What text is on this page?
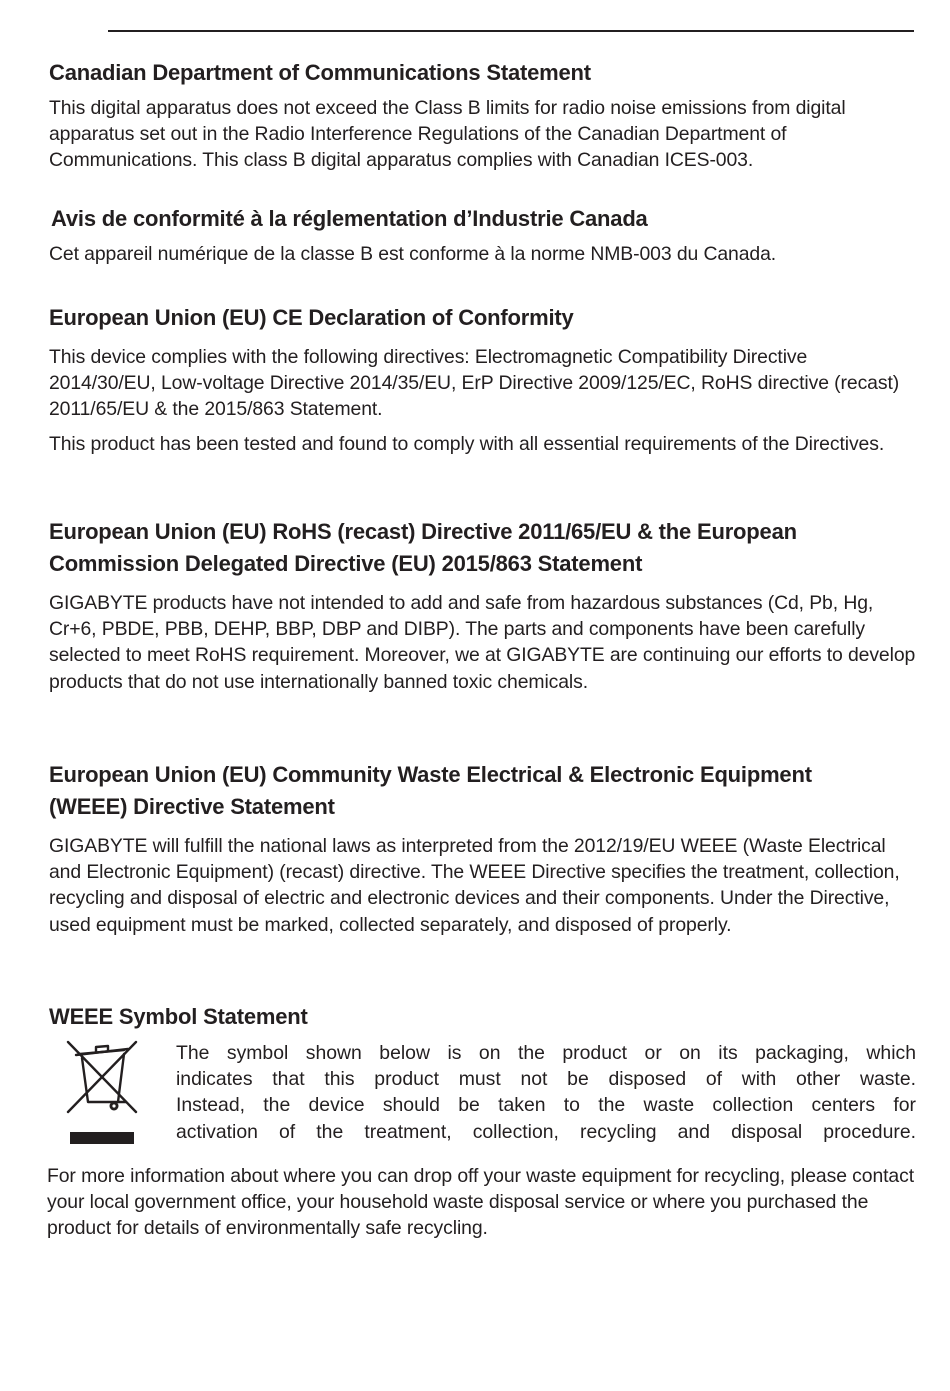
Canadian Department of Communications Statement

This digital apparatus does not exceed the Class B limits for radio noise emissions from digital apparatus set out in the Radio Interference Regulations of the Canadian Department of Communications. This class B digital apparatus complies with Canadian ICES-003.

Avis de conformité à la réglementation d’Industrie Canada

Cet appareil numérique de la classe B est conforme à la norme NMB-003 du Canada.

European Union (EU) CE Declaration of Conformity

This device complies with the following directives: Electromagnetic Compatibility Directive 2014/30/EU, Low-voltage Directive 2014/35/EU, ErP Directive 2009/125/EC, RoHS directive (recast) 2011/65/EU & the 2015/863 Statement.

This product has been tested and found to comply with all essential requirements of the Directives.

European Union (EU) RoHS (recast) Directive 2011/65/EU & the European
Commission Delegated Directive (EU) 2015/863 Statement

GIGABYTE products have not intended to add and safe from hazardous substances (Cd, Pb, Hg, Cr+6, PBDE, PBB, DEHP, BBP, DBP and DIBP). The parts and components have been carefully selected to meet RoHS requirement. Moreover, we at GIGABYTE are continuing our efforts to develop products that do not use internationally banned toxic chemicals.

European Union (EU) Community Waste Electrical & Electronic Equipment
(WEEE) Directive Statement

GIGABYTE will fulfill the national laws as interpreted from the 2012/19/EU WEEE (Waste Electrical and Electronic Equipment) (recast) directive. The WEEE Directive specifies the treatment, collection, recycling and disposal of electric and electronic devices and their components. Under the Directive, used equipment must be marked, collected separately, and disposed of properly.

WEEE Symbol Statement
The symbol shown below is on the product or on its packaging, which
indicates that this product must not be disposed of with other waste.
Instead, the device should be taken to the waste collection centers for
activation of the treatment, collection, recycling and disposal procedure.

For more information about where you can drop off your waste equipment for recycling, please contact your local government office, your household waste disposal service or where you purchased the product for details of environmentally safe recycling.
